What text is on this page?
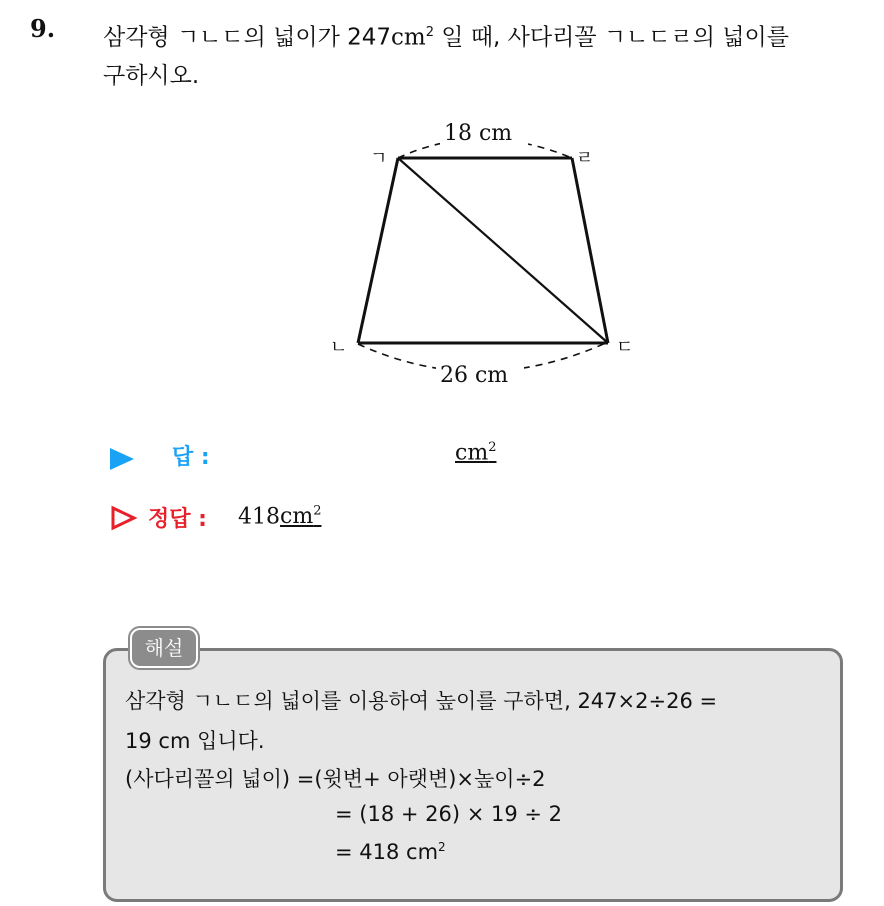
9. 삼각형 ㄱㄴㄷ의 넓이가 $247cm^2$ 일 때, 사다리꼴 ㄱㄴㄷㄹ의 넓이를
구하시오.
18 cm
26 cm
ㄱ
ㄴ	ㄷ
ㄹ
답 :	$cm^2$
정답 : $418cm^2$
해설
삼각형 ㄱㄴㄷ의 넓이를 이용하여 높이를 구하면, 247×2÷26 =
19 cm 입니다.
(사다리꼴의 넓이) =(윗변+ 아랫변)×높이÷2
= (18 + 26) × 19 ÷ 2
= 418 $cm^2$
